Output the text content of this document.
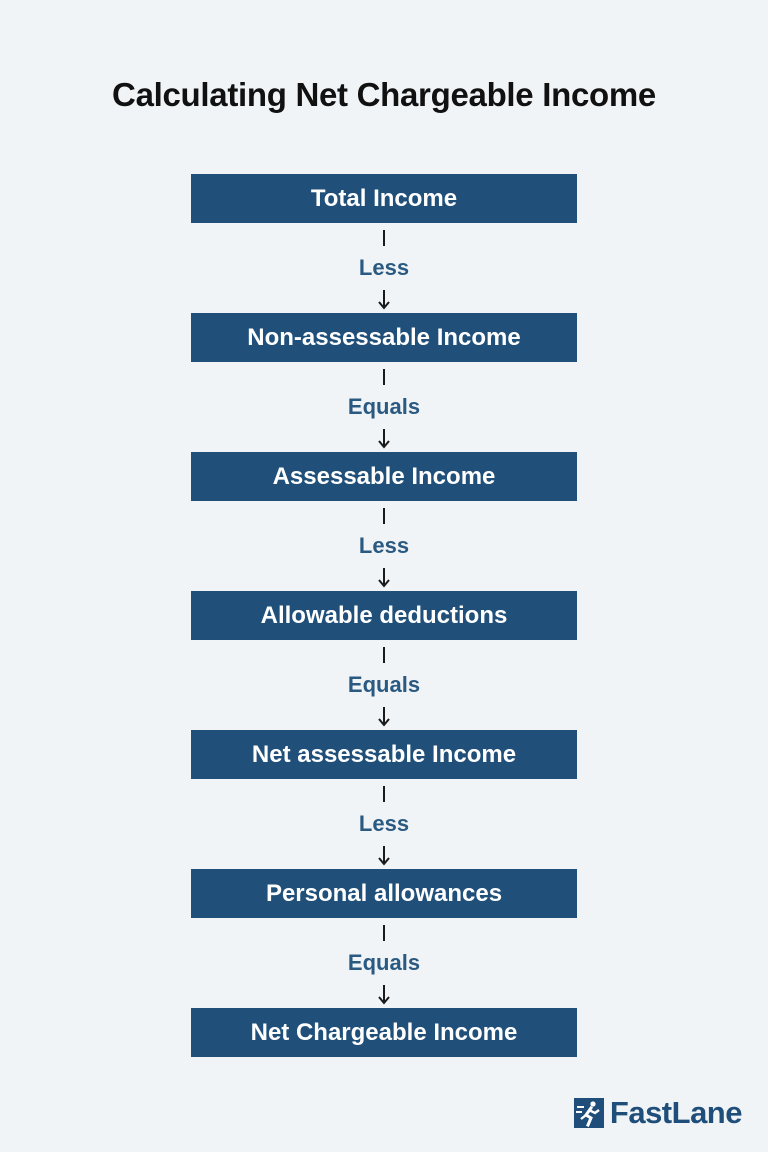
Calculating Net Chargeable Income
Total Income
Less
Non-assessable Income
Equals
Assessable Income
Less
Allowable deductions
Equals
Net assessable Income
Less
Personal allowances
Equals
Net Chargeable Income
FastLane
